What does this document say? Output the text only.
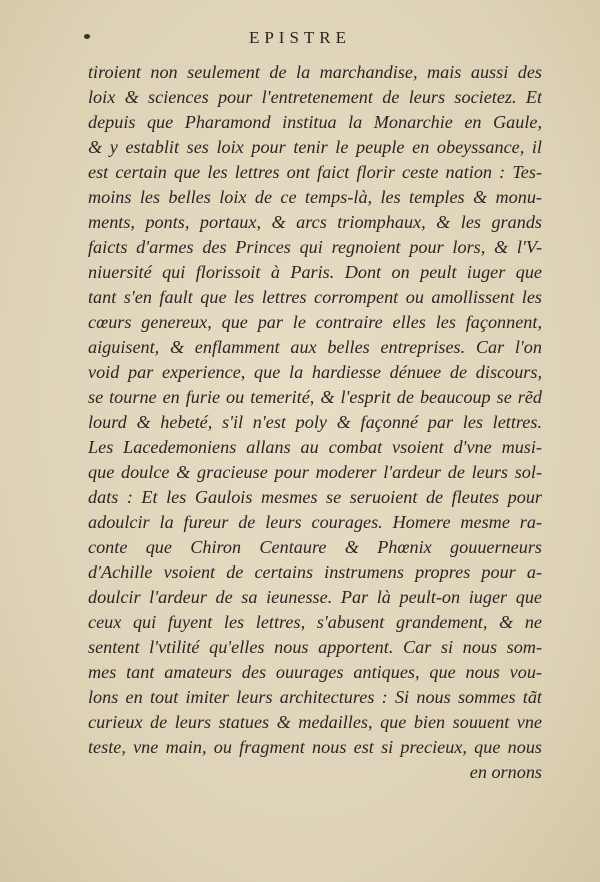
EPISTRE
tiroient non seulement de la marchandise, mais aussi des
loix & sciences pour l'entretenement de leurs societez. Et
depuis que Pharamond institua la Monarchie en Gaule,
& y establit ses loix pour tenir le peuple en obeyssance, il
est certain que les lettres ont faict florir ceste nation : Tes-
moins les belles loix de ce temps-là, les temples & monu-
ments, ponts, portaux, & arcs triomphaux, & les grands
faicts d'armes des Princes qui regnoient pour lors, & l'V-
niuersité qui florissoit à Paris. Dont on peult iuger que
tant s'en fault que les lettres corrompent ou amollissent les
cœurs genereux, que par le contraire elles les façonnent,
aiguisent, & enflamment aux belles entreprises. Car l'on
void par experience, que la hardiesse dénuee de discours,
se tourne en furie ou temerité, & l'esprit de beaucoup se rẽd
lourd & hebeté, s'il n'est poly & façonné par les lettres.
Les Lacedemoniens allans au combat vsoient d'vne musi-
que doulce & gracieuse pour moderer l'ardeur de leurs sol-
dats : Et les Gaulois mesmes se seruoient de fleutes pour
adoulcir la fureur de leurs courages. Homere mesme ra-
conte que Chiron Centaure & Phœnix gouuerneurs
d'Achille vsoient de certains instrumens propres pour a-
doulcir l'ardeur de sa ieunesse. Par là peult-on iuger que
ceux qui fuyent les lettres, s'abusent grandement, & ne
sentent l'vtilité qu'elles nous apportent. Car si nous som-
mes tant amateurs des ouurages antiques, que nous vou-
lons en tout imiter leurs architectures : Si nous sommes tãt
curieux de leurs statues & medailles, que bien souuent vne
teste, vne main, ou fragment nous est si precieux, que nous
en ornons
